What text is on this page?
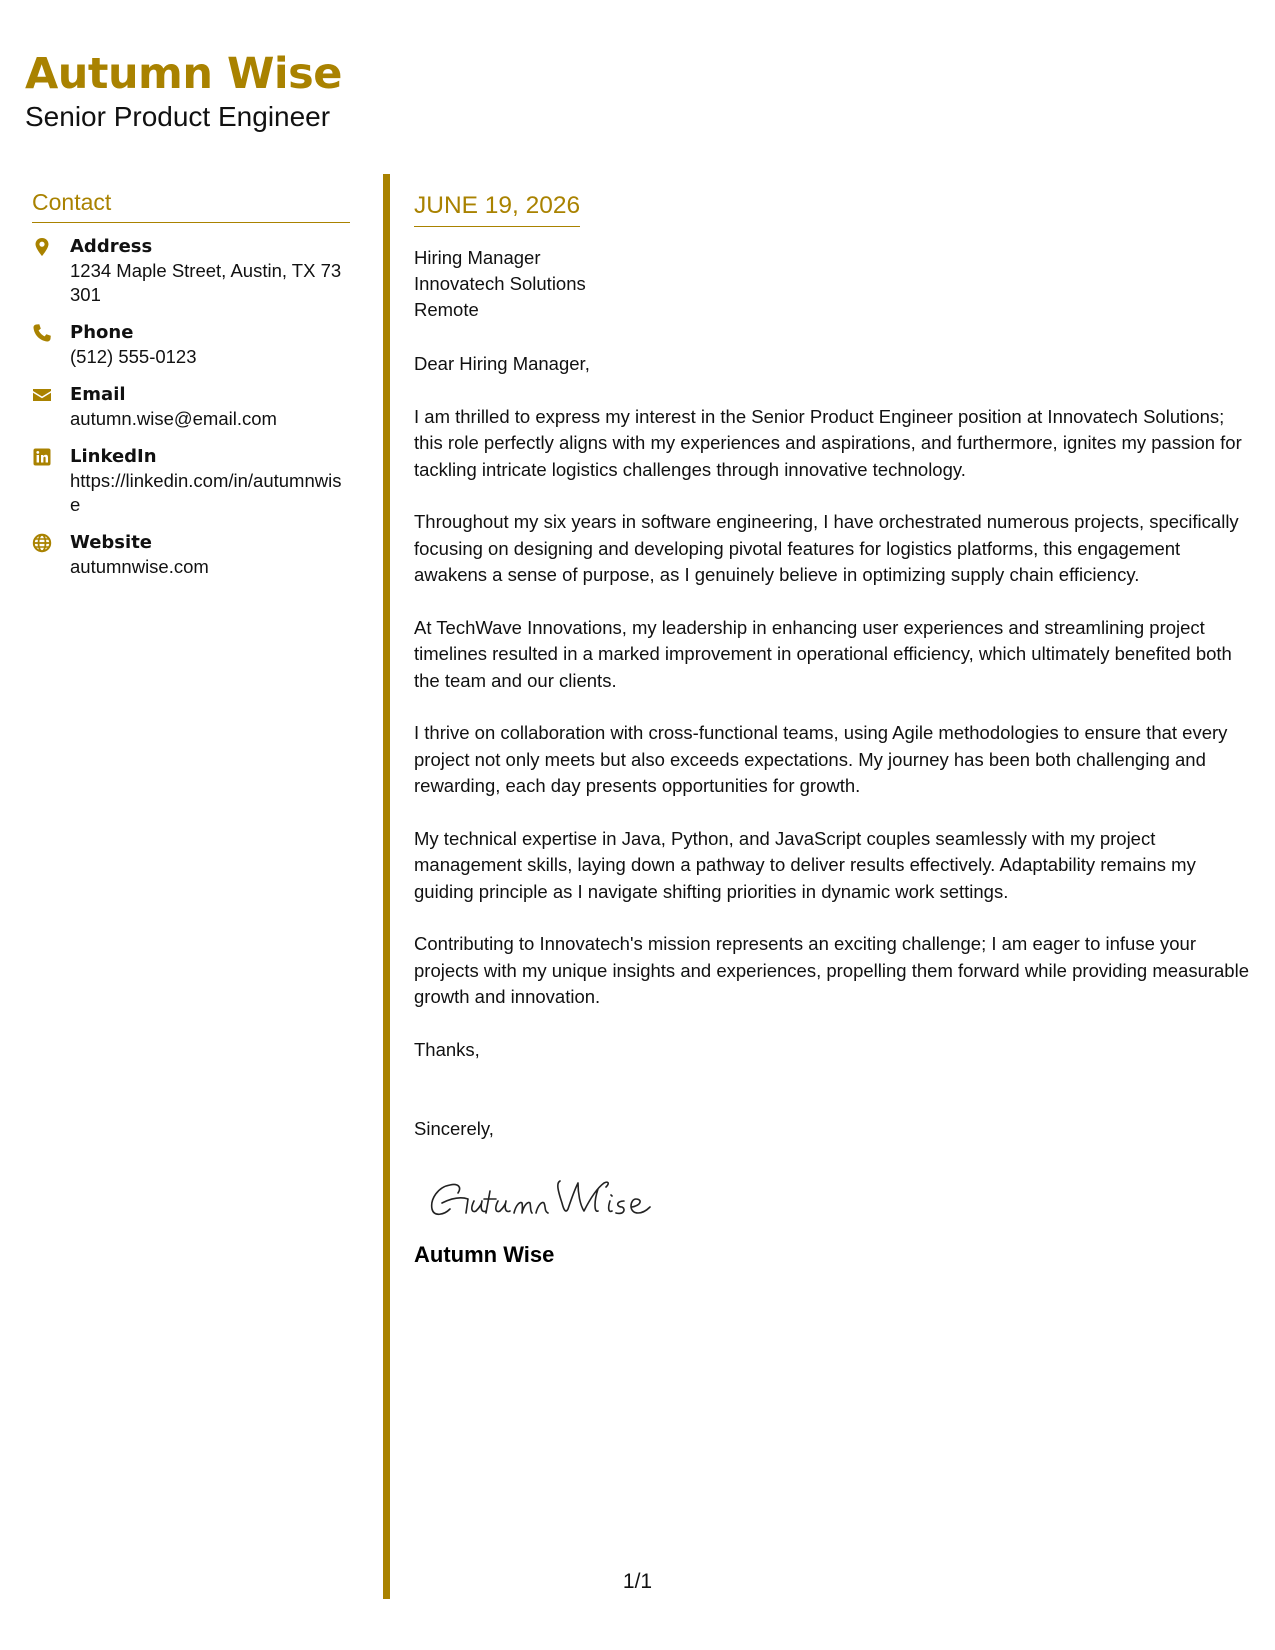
Autumn Wise
Senior Product Engineer
Contact
Address
1234 Maple Street, Austin, TX 73301
Phone
(512) 555-0123
Email
autumn.wise@email.com
LinkedIn
https://linkedin.com/in/autumnwise
Website
autumnwise.com
JUNE 19, 2026
Hiring Manager
Innovatech Solutions
Remote

Dear Hiring Manager,

I am thrilled to express my interest in the Senior Product Engineer position at Innovatech Solutions; this role perfectly aligns with my experiences and aspirations, and furthermore, ignites my passion for tackling intricate logistics challenges through innovative technology.

Throughout my six years in software engineering, I have orchestrated numerous projects, specifically focusing on designing and developing pivotal features for logistics platforms, this engagement awakens a sense of purpose, as I genuinely believe in optimizing supply chain efficiency.

At TechWave Innovations, my leadership in enhancing user experiences and streamlining project timelines resulted in a marked improvement in operational efficiency, which ultimately benefited both the team and our clients.

I thrive on collaboration with cross-functional teams, using Agile methodologies to ensure that every project not only meets but also exceeds expectations. My journey has been both challenging and rewarding, each day presents opportunities for growth.

My technical expertise in Java, Python, and JavaScript couples seamlessly with my project management skills, laying down a pathway to deliver results effectively. Adaptability remains my guiding principle as I navigate shifting priorities in dynamic work settings.

Contributing to Innovatech's mission represents an exciting challenge; I am eager to infuse your projects with my unique insights and experiences, propelling them forward while providing measurable growth and innovation.

Thanks,

Sincerely,

Autumn Wise
1/1
